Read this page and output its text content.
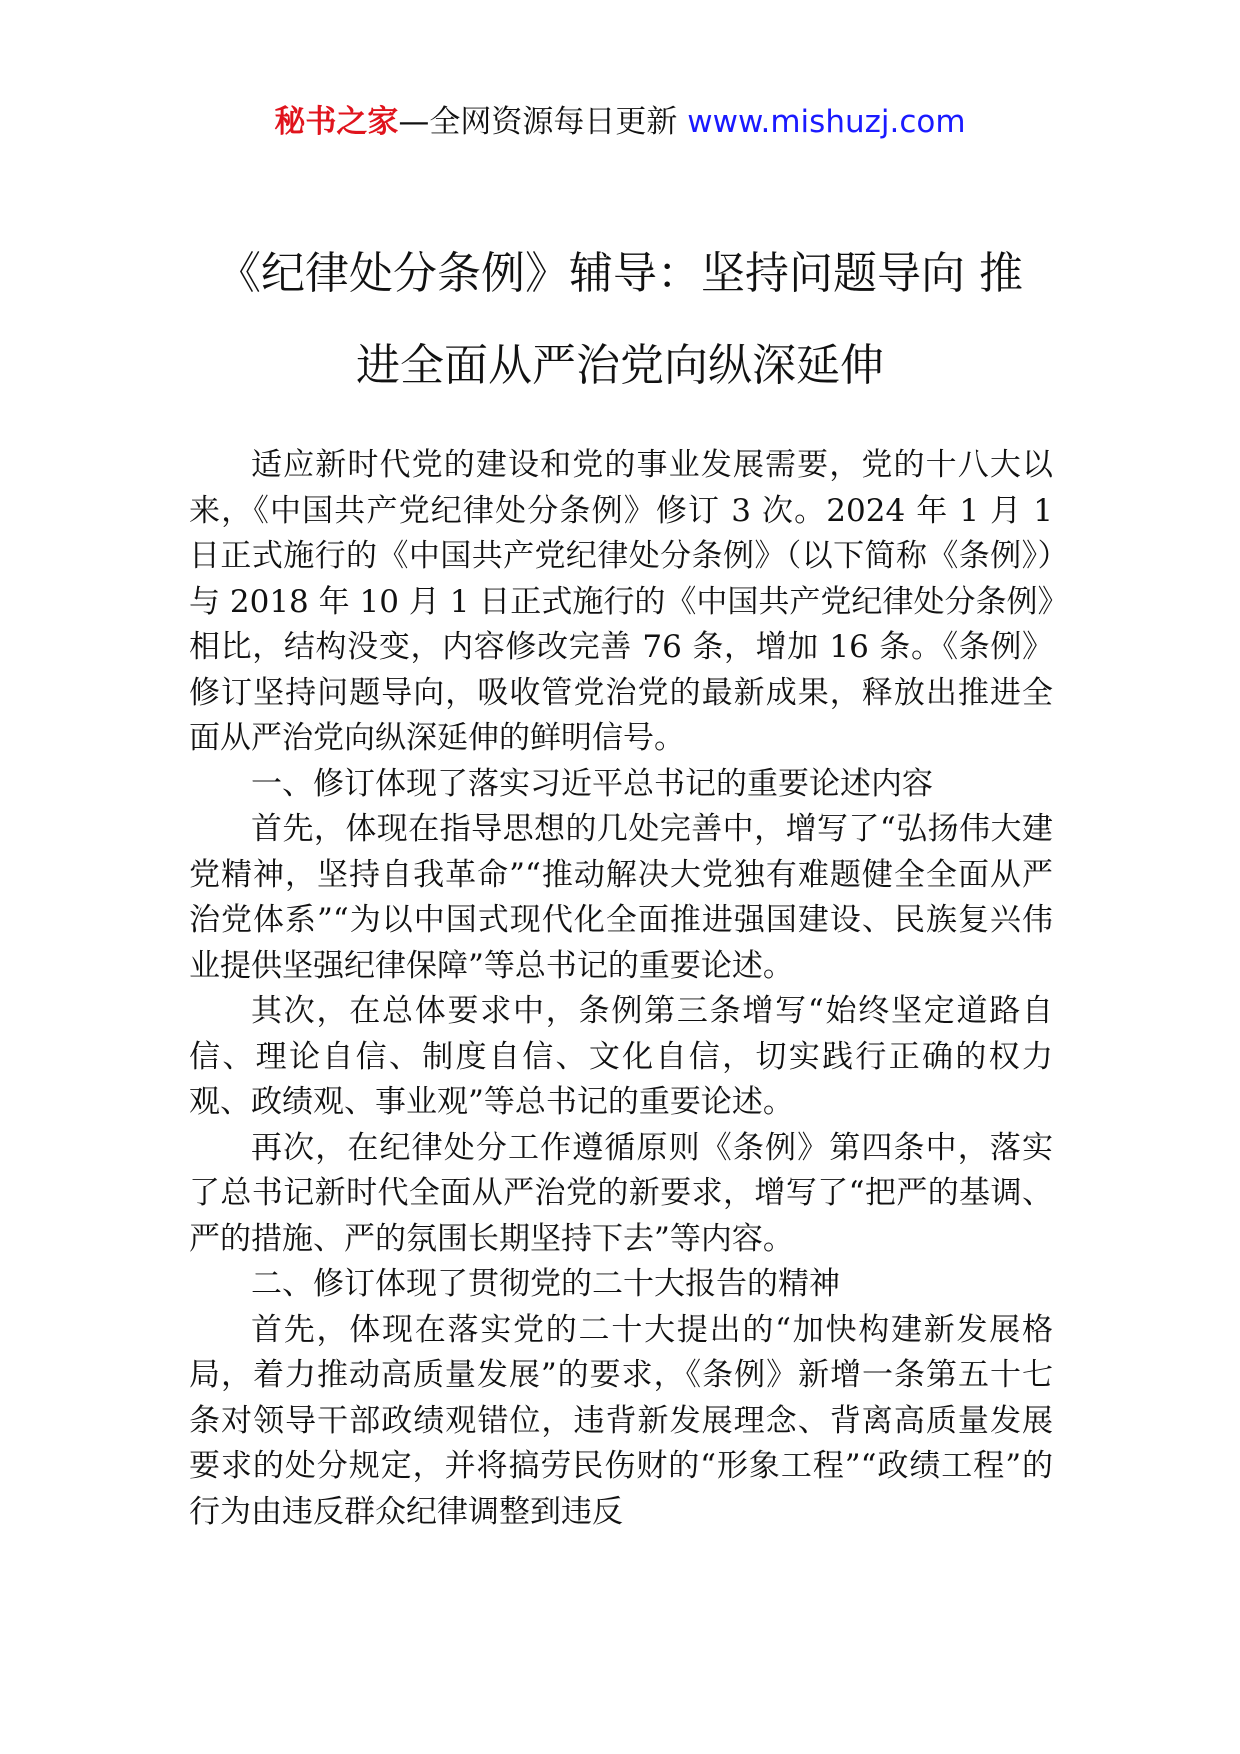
秘书之家—全网资源每日更新 www.mishuzj.com
《纪律处分条例》辅导：坚持问题导向 推
进全面从严治党向纵深延伸

适应新时代党的建设和党的事业发展需要，党的十八大以来，《中国共产党纪律处分条例》修订 3 次。2024 年 1 月 1 日正式施行的《中国共产党纪律处分条例》（以下简称《条例》）与 2018 年 10 月 1 日正式施行的《中国共产党纪律处分条例》相比，结构没变，内容修改完善 76 条，增加 16 条。《条例》修订坚持问题导向，吸收管党治党的最新成果，释放出推进全面从严治党向纵深延伸的鲜明信号。

一、修订体现了落实习近平总书记的重要论述内容

首先，体现在指导思想的几处完善中，增写了“弘扬伟大建党精神，坚持自我革命”“推动解决大党独有难题健全全面从严治党体系”“为以中国式现代化全面推进强国建设、民族复兴伟业提供坚强纪律保障”等总书记的重要论述。

其次，在总体要求中，条例第三条增写“始终坚定道路自信、理论自信、制度自信、文化自信，切实践行正确的权力观、政绩观、事业观”等总书记的重要论述。

再次，在纪律处分工作遵循原则《条例》第四条中，落实了总书记新时代全面从严治党的新要求，增写了“把严的基调、严的措施、严的氛围长期坚持下去”等内容。

二、修订体现了贯彻党的二十大报告的精神

首先，体现在落实党的二十大提出的“加快构建新发展格局，着力推动高质量发展”的要求，《条例》新增一条第五十七条对领导干部政绩观错位，违背新发展理念、背离高质量发展要求的处分规定，并将搞劳民伤财的“形象工程”“政绩工程”的行为由违反群众纪律调整到违反
